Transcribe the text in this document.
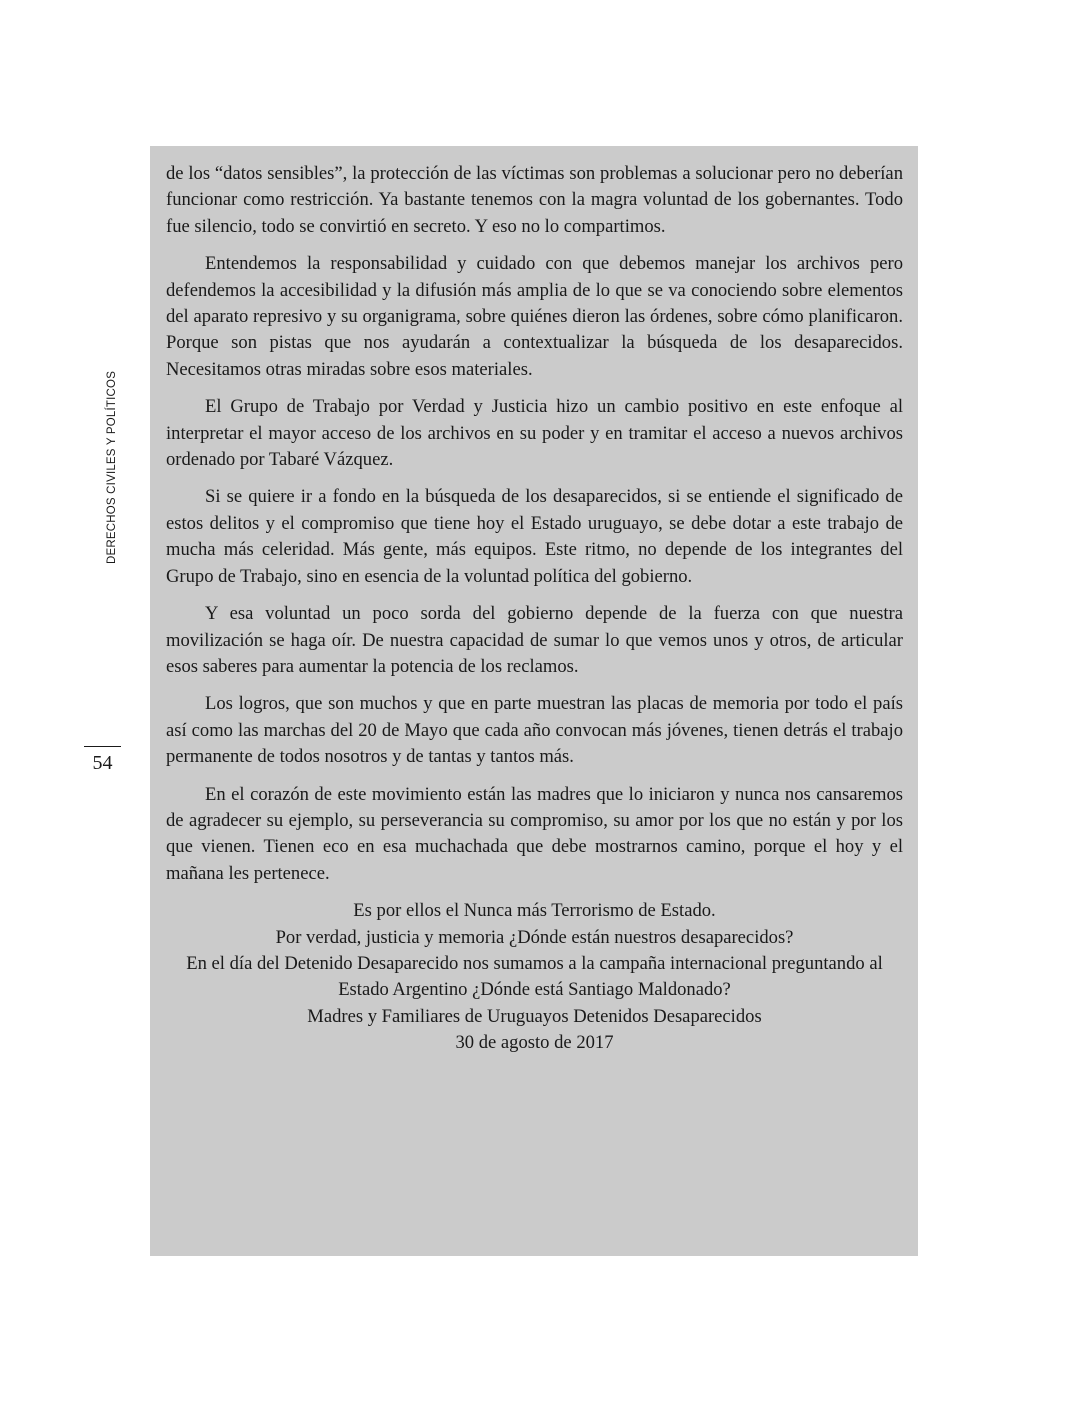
DERECHOS CIVILES Y POLÍTICOS
54

de los “datos sensibles”, la protección de las víctimas son problemas a solucionar pero no deberían funcionar como restricción. Ya bastante tenemos con la magra voluntad de los gobernantes. Todo fue silencio, todo se convirtió en secreto. Y eso no lo compartimos.

Entendemos la responsabilidad y cuidado con que debemos manejar los archivos pero defendemos la accesibilidad y la difusión más amplia de lo que se va conociendo sobre elementos del aparato represivo y su organigrama, sobre quiénes dieron las órdenes, sobre cómo planificaron. Porque son pistas que nos ayudarán a contextualizar la búsqueda de los desaparecidos. Necesitamos otras miradas sobre esos materiales.

El Grupo de Trabajo por Verdad y Justicia hizo un cambio positivo en este enfoque al interpretar el mayor acceso de los archivos en su poder y en tramitar el acceso a nuevos archivos ordenado por Tabaré Vázquez.

Si se quiere ir a fondo en la búsqueda de los desaparecidos, si se entiende el significado de estos delitos y el compromiso que tiene hoy el Estado uruguayo, se debe dotar a este trabajo de mucha más celeridad. Más gente, más equipos. Este ritmo, no depende de los integrantes del Grupo de Trabajo, sino en esencia de la voluntad política del gobierno.

Y esa voluntad un poco sorda del gobierno depende de la fuerza con que nuestra movilización se haga oír. De nuestra capacidad de sumar lo que vemos unos y otros, de articular esos saberes para aumentar la potencia de los reclamos.

Los logros, que son muchos y que en parte muestran las placas de memoria por todo el país así como las marchas del 20 de Mayo que cada año convocan más jóvenes, tienen detrás el trabajo permanente de todos nosotros y de tantas y tantos más.

En el corazón de este movimiento están las madres que lo iniciaron y nunca nos cansaremos de agradecer su ejemplo, su perseverancia su compromiso, su amor por los que no están y por los que vienen. Tienen eco en esa muchachada que debe mostrarnos camino, porque el hoy y el mañana les pertenece.

Es por ellos el Nunca más Terrorismo de Estado.
Por verdad, justicia y memoria ¿Dónde están nuestros desaparecidos?
En el día del Detenido Desaparecido nos sumamos a la campaña internacional preguntando al Estado Argentino ¿Dónde está Santiago Maldonado?
Madres y Familiares de Uruguayos Detenidos Desaparecidos
30 de agosto de 2017
